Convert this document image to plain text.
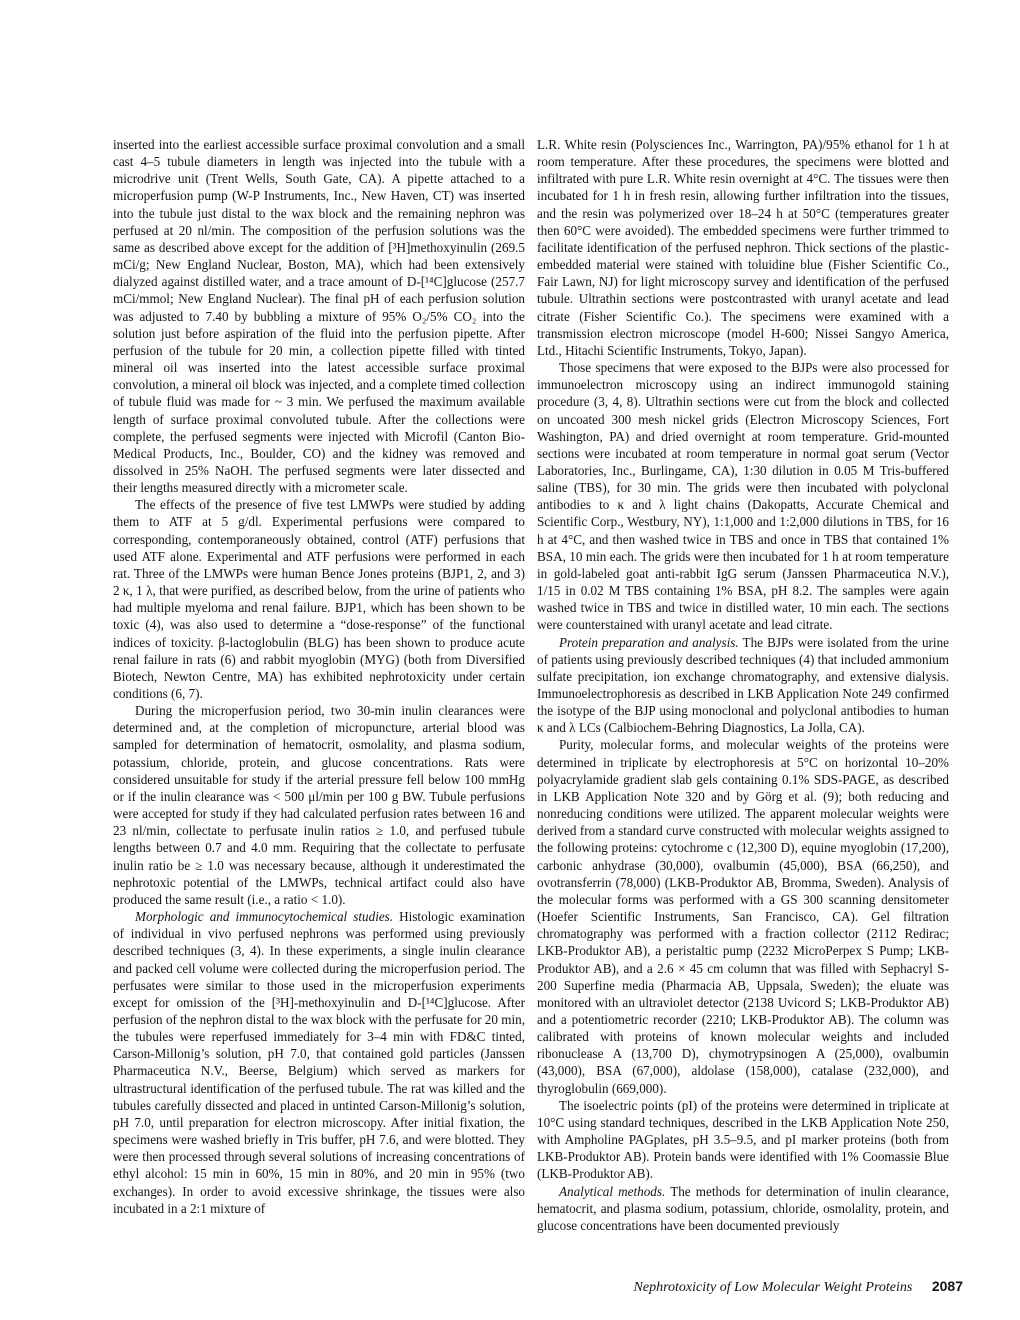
inserted into the earliest accessible surface proximal convolution and a small cast 4–5 tubule diameters in length was injected into the tubule with a microdrive unit (Trent Wells, South Gate, CA). A pipette attached to a microperfusion pump (W-P Instruments, Inc., New Haven, CT) was inserted into the tubule just distal to the wax block and the remaining nephron was perfused at 20 nl/min. The composition of the perfusion solutions was the same as described above except for the addition of [³H]methoxyinulin (269.5 mCi/g; New England Nuclear, Boston, MA), which had been extensively dialyzed against distilled water, and a trace amount of D-[¹⁴C]glucose (257.7 mCi/mmol; New England Nuclear). The final pH of each perfusion solution was adjusted to 7.40 by bubbling a mixture of 95% O₂/5% CO₂ into the solution just before aspiration of the fluid into the perfusion pipette. After perfusion of the tubule for 20 min, a collection pipette filled with tinted mineral oil was inserted into the latest accessible surface proximal convolution, a mineral oil block was injected, and a complete timed collection of tubule fluid was made for ~ 3 min. We perfused the maximum available length of surface proximal convoluted tubule. After the collections were complete, the perfused segments were injected with Microfil (Canton Bio-Medical Products, Inc., Boulder, CO) and the kidney was removed and dissolved in 25% NaOH. The perfused segments were later dissected and their lengths measured directly with a micrometer scale.

The effects of the presence of five test LMWPs were studied by adding them to ATF at 5 g/dl. Experimental perfusions were compared to corresponding, contemporaneously obtained, control (ATF) perfusions that used ATF alone. Experimental and ATF perfusions were performed in each rat. Three of the LMWPs were human Bence Jones proteins (BJP1, 2, and 3) 2 κ, 1 λ, that were purified, as described below, from the urine of patients who had multiple myeloma and renal failure. BJP1, which has been shown to be toxic (4), was also used to determine a “dose-response” of the functional indices of toxicity. β-lactoglobulin (BLG) has been shown to produce acute renal failure in rats (6) and rabbit myoglobin (MYG) (both from Diversified Biotech, Newton Centre, MA) has exhibited nephrotoxicity under certain conditions (6, 7).

During the microperfusion period, two 30-min inulin clearances were determined and, at the completion of micropuncture, arterial blood was sampled for determination of hematocrit, osmolality, and plasma sodium, potassium, chloride, protein, and glucose concentrations. Rats were considered unsuitable for study if the arterial pressure fell below 100 mmHg or if the inulin clearance was < 500 μl/min per 100 g BW. Tubule perfusions were accepted for study if they had calculated perfusion rates between 16 and 23 nl/min, collectate to perfusate inulin ratios ≥ 1.0, and perfused tubule lengths between 0.7 and 4.0 mm. Requiring that the collectate to perfusate inulin ratio be ≥ 1.0 was necessary because, although it underestimated the nephrotoxic potential of the LMWPs, technical artifact could also have produced the same result (i.e., a ratio < 1.0).

Morphologic and immunocytochemical studies. Histologic examination of individual in vivo perfused nephrons was performed using previously described techniques (3, 4). In these experiments, a single inulin clearance and packed cell volume were collected during the microperfusion period. The perfusates were similar to those used in the microperfusion experiments except for omission of the [³H]-methoxyinulin and D-[¹⁴C]glucose. After perfusion of the nephron distal to the wax block with the perfusate for 20 min, the tubules were reperfused immediately for 3–4 min with FD&C tinted, Carson-Millonig’s solution, pH 7.0, that contained gold particles (Janssen Pharmaceutica N.V., Beerse, Belgium) which served as markers for ultrastructural identification of the perfused tubule. The rat was killed and the tubules carefully dissected and placed in untinted Carson-Millonig’s solution, pH 7.0, until preparation for electron microscopy. After initial fixation, the specimens were washed briefly in Tris buffer, pH 7.6, and were blotted. They were then processed through several solutions of increasing concentrations of ethyl alcohol: 15 min in 60%, 15 min in 80%, and 20 min in 95% (two exchanges). In order to avoid excessive shrinkage, the tissues were also incubated in a 2:1 mixture of

L.R. White resin (Polysciences Inc., Warrington, PA)/95% ethanol for 1 h at room temperature. After these procedures, the specimens were blotted and infiltrated with pure L.R. White resin overnight at 4°C. The tissues were then incubated for 1 h in fresh resin, allowing further infiltration into the tissues, and the resin was polymerized over 18–24 h at 50°C (temperatures greater then 60°C were avoided). The embedded specimens were further trimmed to facilitate identification of the perfused nephron. Thick sections of the plastic-embedded material were stained with toluidine blue (Fisher Scientific Co., Fair Lawn, NJ) for light microscopy survey and identification of the perfused tubule. Ultrathin sections were postcontrasted with uranyl acetate and lead citrate (Fisher Scientific Co.). The specimens were examined with a transmission electron microscope (model H-600; Nissei Sangyo America, Ltd., Hitachi Scientific Instruments, Tokyo, Japan).

Those specimens that were exposed to the BJPs were also processed for immunoelectron microscopy using an indirect immunogold staining procedure (3, 4, 8). Ultrathin sections were cut from the block and collected on uncoated 300 mesh nickel grids (Electron Microscopy Sciences, Fort Washington, PA) and dried overnight at room temperature. Grid-mounted sections were incubated at room temperature in normal goat serum (Vector Laboratories, Inc., Burlingame, CA), 1:30 dilution in 0.05 M Tris-buffered saline (TBS), for 30 min. The grids were then incubated with polyclonal antibodies to κ and λ light chains (Dakopatts, Accurate Chemical and Scientific Corp., Westbury, NY), 1:1,000 and 1:2,000 dilutions in TBS, for 16 h at 4°C, and then washed twice in TBS and once in TBS that contained 1% BSA, 10 min each. The grids were then incubated for 1 h at room temperature in gold-labeled goat anti-rabbit IgG serum (Janssen Pharmaceutica N.V.), 1/15 in 0.02 M TBS containing 1% BSA, pH 8.2. The samples were again washed twice in TBS and twice in distilled water, 10 min each. The sections were counterstained with uranyl acetate and lead citrate.

Protein preparation and analysis. The BJPs were isolated from the urine of patients using previously described techniques (4) that included ammonium sulfate precipitation, ion exchange chromatography, and extensive dialysis. Immunoelectrophoresis as described in LKB Application Note 249 confirmed the isotype of the BJP using monoclonal and polyclonal antibodies to human κ and λ LCs (Calbiochem-Behring Diagnostics, La Jolla, CA).

Purity, molecular forms, and molecular weights of the proteins were determined in triplicate by electrophoresis at 5°C on horizontal 10–20% polyacrylamide gradient slab gels containing 0.1% SDS-PAGE, as described in LKB Application Note 320 and by Görg et al. (9); both reducing and nonreducing conditions were utilized. The apparent molecular weights were derived from a standard curve constructed with molecular weights assigned to the following proteins: cytochrome c (12,300 D), equine myoglobin (17,200), carbonic anhydrase (30,000), ovalbumin (45,000), BSA (66,250), and ovotransferrin (78,000) (LKB-Produktor AB, Bromma, Sweden). Analysis of the molecular forms was performed with a GS 300 scanning densitometer (Hoefer Scientific Instruments, San Francisco, CA). Gel filtration chromatography was performed with a fraction collector (2112 Redirac; LKB-Produktor AB), a peristaltic pump (2232 MicroPerpex S Pump; LKB-Produktor AB), and a 2.6 × 45 cm column that was filled with Sephacryl S-200 Superfine media (Pharmacia AB, Uppsala, Sweden); the eluate was monitored with an ultraviolet detector (2138 Uvicord S; LKB-Produktor AB) and a potentiometric recorder (2210; LKB-Produktor AB). The column was calibrated with proteins of known molecular weights and included ribonuclease A (13,700 D), chymotrypsinogen A (25,000), ovalbumin (43,000), BSA (67,000), aldolase (158,000), catalase (232,000), and thyroglobulin (669,000).

The isoelectric points (pI) of the proteins were determined in triplicate at 10°C using standard techniques, described in the LKB Application Note 250, with Ampholine PAGplates, pH 3.5–9.5, and pI marker proteins (both from LKB-Produktor AB). Protein bands were identified with 1% Coomassie Blue (LKB-Produktor AB).

Analytical methods. The methods for determination of inulin clearance, hematocrit, and plasma sodium, potassium, chloride, osmolality, protein, and glucose concentrations have been documented previously

Nephrotoxicity of Low Molecular Weight Proteins 2087
